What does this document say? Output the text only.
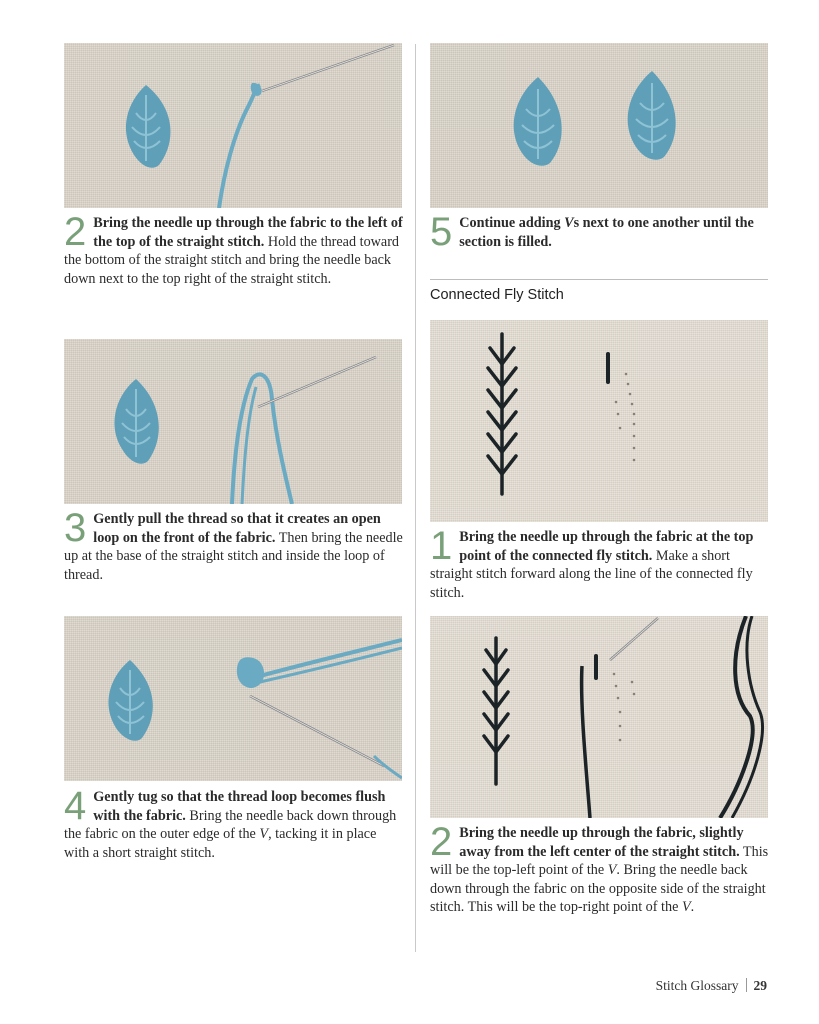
2 Bring the needle up through the fabric to the left of the top of the straight stitch. Hold the thread toward the bottom of the straight stitch and bring the needle back down next to the top right of the straight stitch.
3 Gently pull the thread so that it creates an open loop on the front of the fabric. Then bring the needle up at the base of the straight stitch and inside the loop of thread.
4 Gently tug so that the thread loop becomes flush with the fabric. Bring the needle back down through the fabric on the outer edge of the V, tacking it in place with a short straight stitch.
5 Continue adding Vs next to one another until the section is filled.
Connected Fly Stitch
1 Bring the needle up through the fabric at the top point of the connected fly stitch. Make a short straight stitch forward along the line of the connected fly stitch.
2 Bring the needle up through the fabric, slightly away from the left center of the straight stitch. This will be the top-left point of the V. Bring the needle back down through the fabric on the opposite side of the straight stitch. This will be the top-right point of the V.
Stitch Glossary 29
